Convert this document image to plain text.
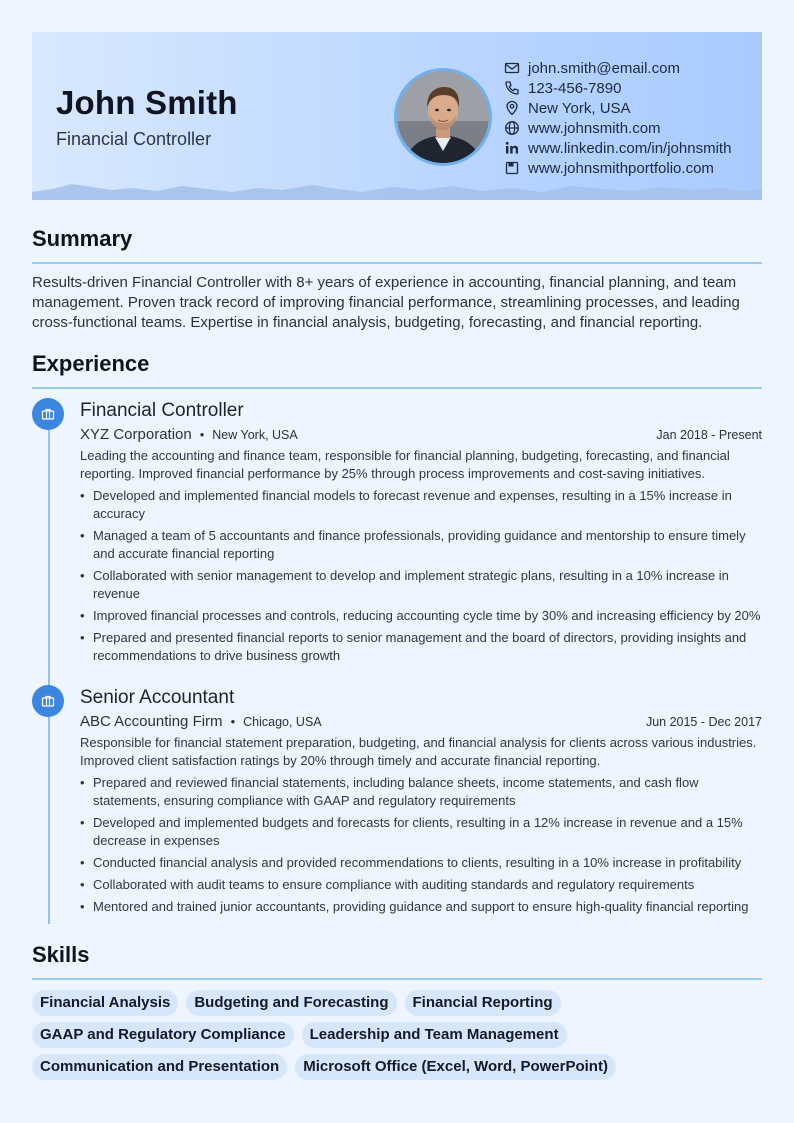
John Smith
Financial Controller
john.smith@email.com
123-456-7890
New York, USA
www.johnsmith.com
www.linkedin.com/in/johnsmith
www.johnsmithportfolio.com
Summary
Results-driven Financial Controller with 8+ years of experience in accounting, financial planning, and team management. Proven track record of improving financial performance, streamlining processes, and leading cross-functional teams. Expertise in financial analysis, budgeting, forecasting, and financial reporting.
Experience
Financial Controller
XYZ Corporation • New York, USA	Jan 2018 - Present
Leading the accounting and finance team, responsible for financial planning, budgeting, forecasting, and financial reporting. Improved financial performance by 25% through process improvements and cost-saving initiatives.
• Developed and implemented financial models to forecast revenue and expenses, resulting in a 15% increase in accuracy
• Managed a team of 5 accountants and finance professionals, providing guidance and mentorship to ensure timely and accurate financial reporting
• Collaborated with senior management to develop and implement strategic plans, resulting in a 10% increase in revenue
• Improved financial processes and controls, reducing accounting cycle time by 30% and increasing efficiency by 20%
• Prepared and presented financial reports to senior management and the board of directors, providing insights and recommendations to drive business growth
Senior Accountant
ABC Accounting Firm • Chicago, USA	Jun 2015 - Dec 2017
Responsible for financial statement preparation, budgeting, and financial analysis for clients across various industries. Improved client satisfaction ratings by 20% through timely and accurate financial reporting.
• Prepared and reviewed financial statements, including balance sheets, income statements, and cash flow statements, ensuring compliance with GAAP and regulatory requirements
• Developed and implemented budgets and forecasts for clients, resulting in a 12% increase in revenue and a 15% decrease in expenses
• Conducted financial analysis and provided recommendations to clients, resulting in a 10% increase in profitability
• Collaborated with audit teams to ensure compliance with auditing standards and regulatory requirements
• Mentored and trained junior accountants, providing guidance and support to ensure high-quality financial reporting
Skills
Financial Analysis	Budgeting and Forecasting	Financial Reporting
GAAP and Regulatory Compliance	Leadership and Team Management
Communication and Presentation	Microsoft Office (Excel, Word, PowerPoint)
